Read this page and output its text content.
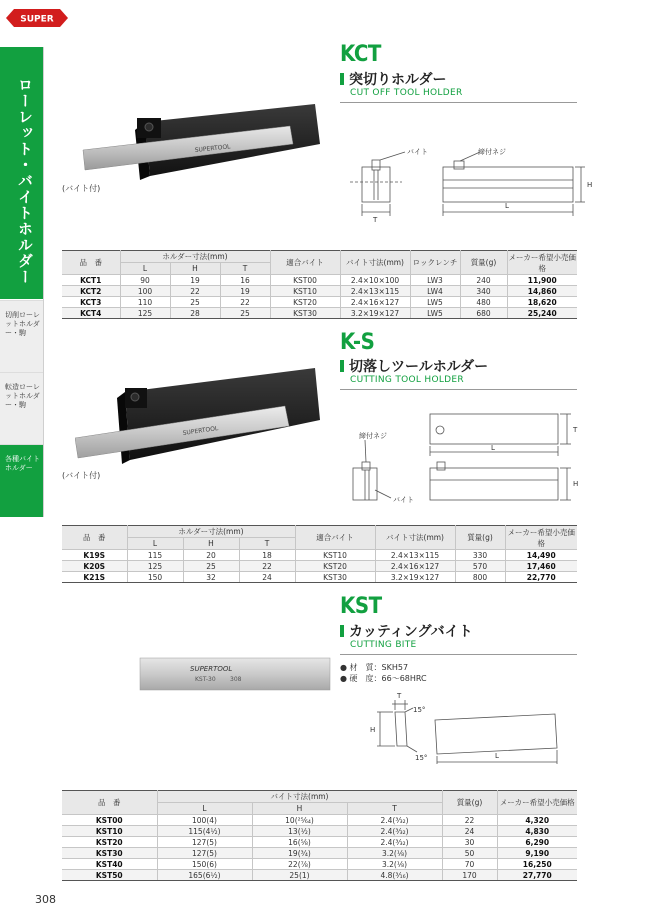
SUPER
ローレット・バイトホルダー
切削ローレットホルダー・駒
転造ローレットホルダー・駒
各種バイトホルダー
KCT
突切りホルダー
CUT OFF TOOL HOLDER
SUPERTOOL
(バイト付)
バイト	締付ネジ
T
L
H
品　番	ホルダー寸法(mm)			適合バイト	バイト寸法(mm)	ロックレンチ	質量(g)	メーカー希望小売価格
	L	H	T					
KCT1	90	19	16	KST00	2.4×10×100	LW3	240	11,900
KCT2	100	22	19	KST10	2.4×13×115	LW4	340	14,860
KCT3	110	25	22	KST20	2.4×16×127	LW5	480	18,620
KCT4	125	28	25	KST30	3.2×19×127	LW5	680	25,240
K-S
切落しツールホルダー
CUTTING TOOL HOLDER
SUPERTOOL
(バイト付)
締付ネジ
バイト
T
L
H
品　番	ホルダー寸法(mm)			適合バイト	バイト寸法(mm)	質量(g)	メーカー希望小売価格
	L	H	T				
K19S	115	20	18	KST10	2.4×13×115	330	14,490
K20S	125	25	22	KST20	2.4×16×127	570	17,460
K21S	150	32	24	KST30	3.2×19×127	800	22,770
KST
カッティングバイト
CUTTING BITE
SUPERTOOL
KST-30 308
● 材　質：SKH57
● 硬　度：66〜68HRC
T
H
L
15°
15°
品　番	バイト寸法(mm)			質量(g)	メーカー希望小売価格
	L	H	T		
KST00	100(4)	10(²⁵⁄₆₄)	2.4(³⁄₃₂)	22	4,320
KST10	115(4¹⁄₂)	13(¹⁄₂)	2.4(³⁄₃₂)	24	4,830
KST20	127(5)	16(⁵⁄₈)	2.4(³⁄₃₂)	30	6,290
KST30	127(5)	19(³⁄₄)	3.2(¹⁄₈)	50	9,190
KST40	150(6)	22(⁷⁄₈)	3.2(¹⁄₈)	70	16,250
KST50	165(6¹⁄₂)	25(1)	4.8(³⁄₁₆)	170	27,770
308
